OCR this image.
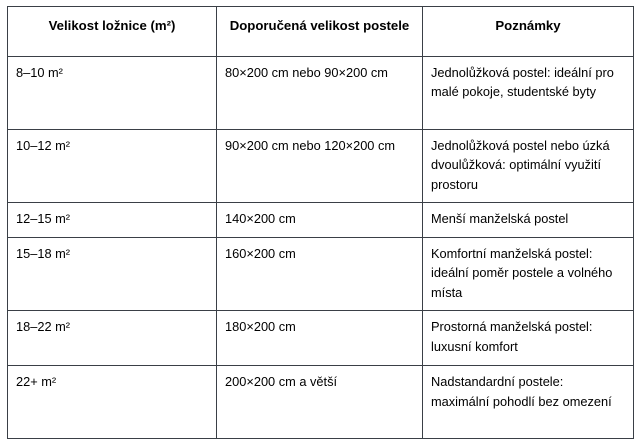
Velikost ložnice (m²)	Doporučená velikost postele	Poznámky

8–10 m²	80×200 cm nebo 90×200 cm	Jednolůžková postel: ideální pro malé pokoje, studentské byty

10–12 m²	90×200 cm nebo 120×200 cm	Jednolůžková postel nebo úzká dvoulůžková: optimální využití prostoru

12–15 m²	140×200 cm	Menší manželská postel

15–18 m²	160×200 cm	Komfortní manželská postel: ideální poměr postele a volného místa

18–22 m²	180×200 cm	Prostorná manželská postel: luxusní komfort

22+ m²	200×200 cm a větší	Nadstandardní postele: maximální pohodlí bez omezení
